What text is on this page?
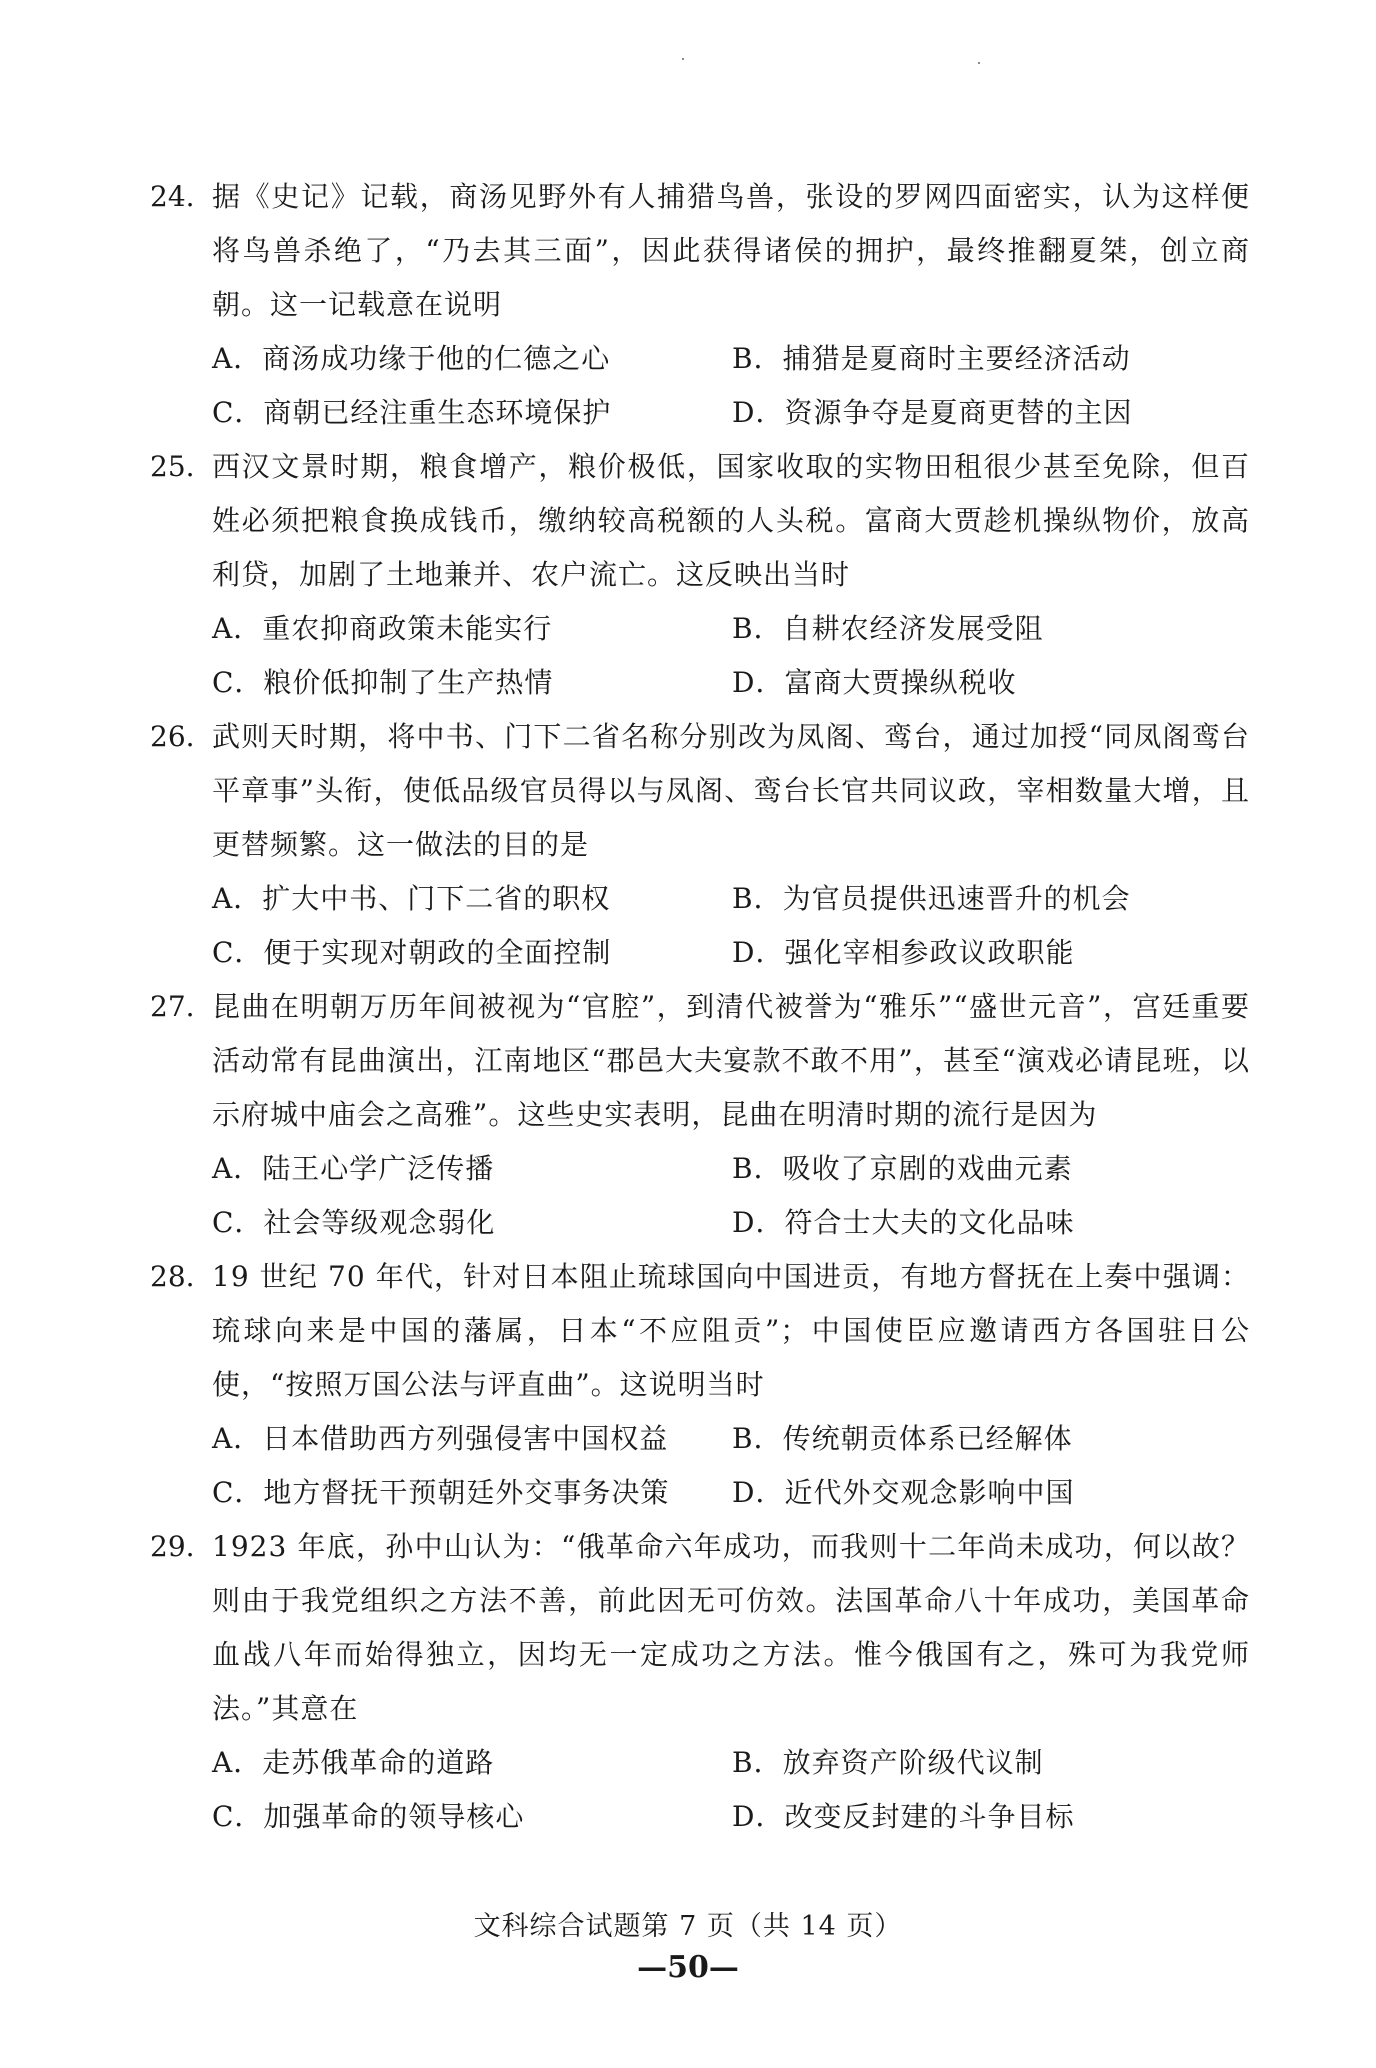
24. 据《史记》记载，商汤见野外有人捕猎鸟兽，张设的罗网四面密实，认为这样便将鸟兽杀绝了，“乃去其三面”，因此获得诸侯的拥护，最终推翻夏桀，创立商朝。这一记载意在说明
A．商汤成功缘于他的仁德之心	B．捕猎是夏商时主要经济活动
C．商朝已经注重生态环境保护	D．资源争夺是夏商更替的主因
25. 西汉文景时期，粮食增产，粮价极低，国家收取的实物田租很少甚至免除，但百姓必须把粮食换成钱币，缴纳较高税额的人头税。富商大贾趁机操纵物价，放高利贷，加剧了土地兼并、农户流亡。这反映出当时
A．重农抑商政策未能实行	B．自耕农经济发展受阻
C．粮价低抑制了生产热情	D．富商大贾操纵税收
26. 武则天时期，将中书、门下二省名称分别改为凤阁、鸾台，通过加授“同凤阁鸾台平章事”头衔，使低品级官员得以与凤阁、鸾台长官共同议政，宰相数量大增，且更替频繁。这一做法的目的是
A．扩大中书、门下二省的职权	B．为官员提供迅速晋升的机会
C．便于实现对朝政的全面控制	D．强化宰相参政议政职能
27. 昆曲在明朝万历年间被视为“官腔”，到清代被誉为“雅乐”“盛世元音”，宫廷重要活动常有昆曲演出，江南地区“郡邑大夫宴款不敢不用”，甚至“演戏必请昆班，以示府城中庙会之高雅”。这些史实表明，昆曲在明清时期的流行是因为
A．陆王心学广泛传播	B．吸收了京剧的戏曲元素
C．社会等级观念弱化	D．符合士大夫的文化品味
28. 19 世纪 70 年代，针对日本阻止琉球国向中国进贡，有地方督抚在上奏中强调：琉球向来是中国的藩属，日本“不应阻贡”；中国使臣应邀请西方各国驻日公使，“按照万国公法与评直曲”。这说明当时
A．日本借助西方列强侵害中国权益	B．传统朝贡体系已经解体
C．地方督抚干预朝廷外交事务决策	D．近代外交观念影响中国
29. 1923 年底，孙中山认为：“俄革命六年成功，而我则十二年尚未成功，何以故？则由于我党组织之方法不善，前此因无可仿效。法国革命八十年成功，美国革命血战八年而始得独立，因均无一定成功之方法。惟今俄国有之，殊可为我党师法。”其意在
A．走苏俄革命的道路	B．放弃资产阶级代议制
C．加强革命的领导核心	D．改变反封建的斗争目标
文科综合试题第 7 页（共 14 页）
—50—
